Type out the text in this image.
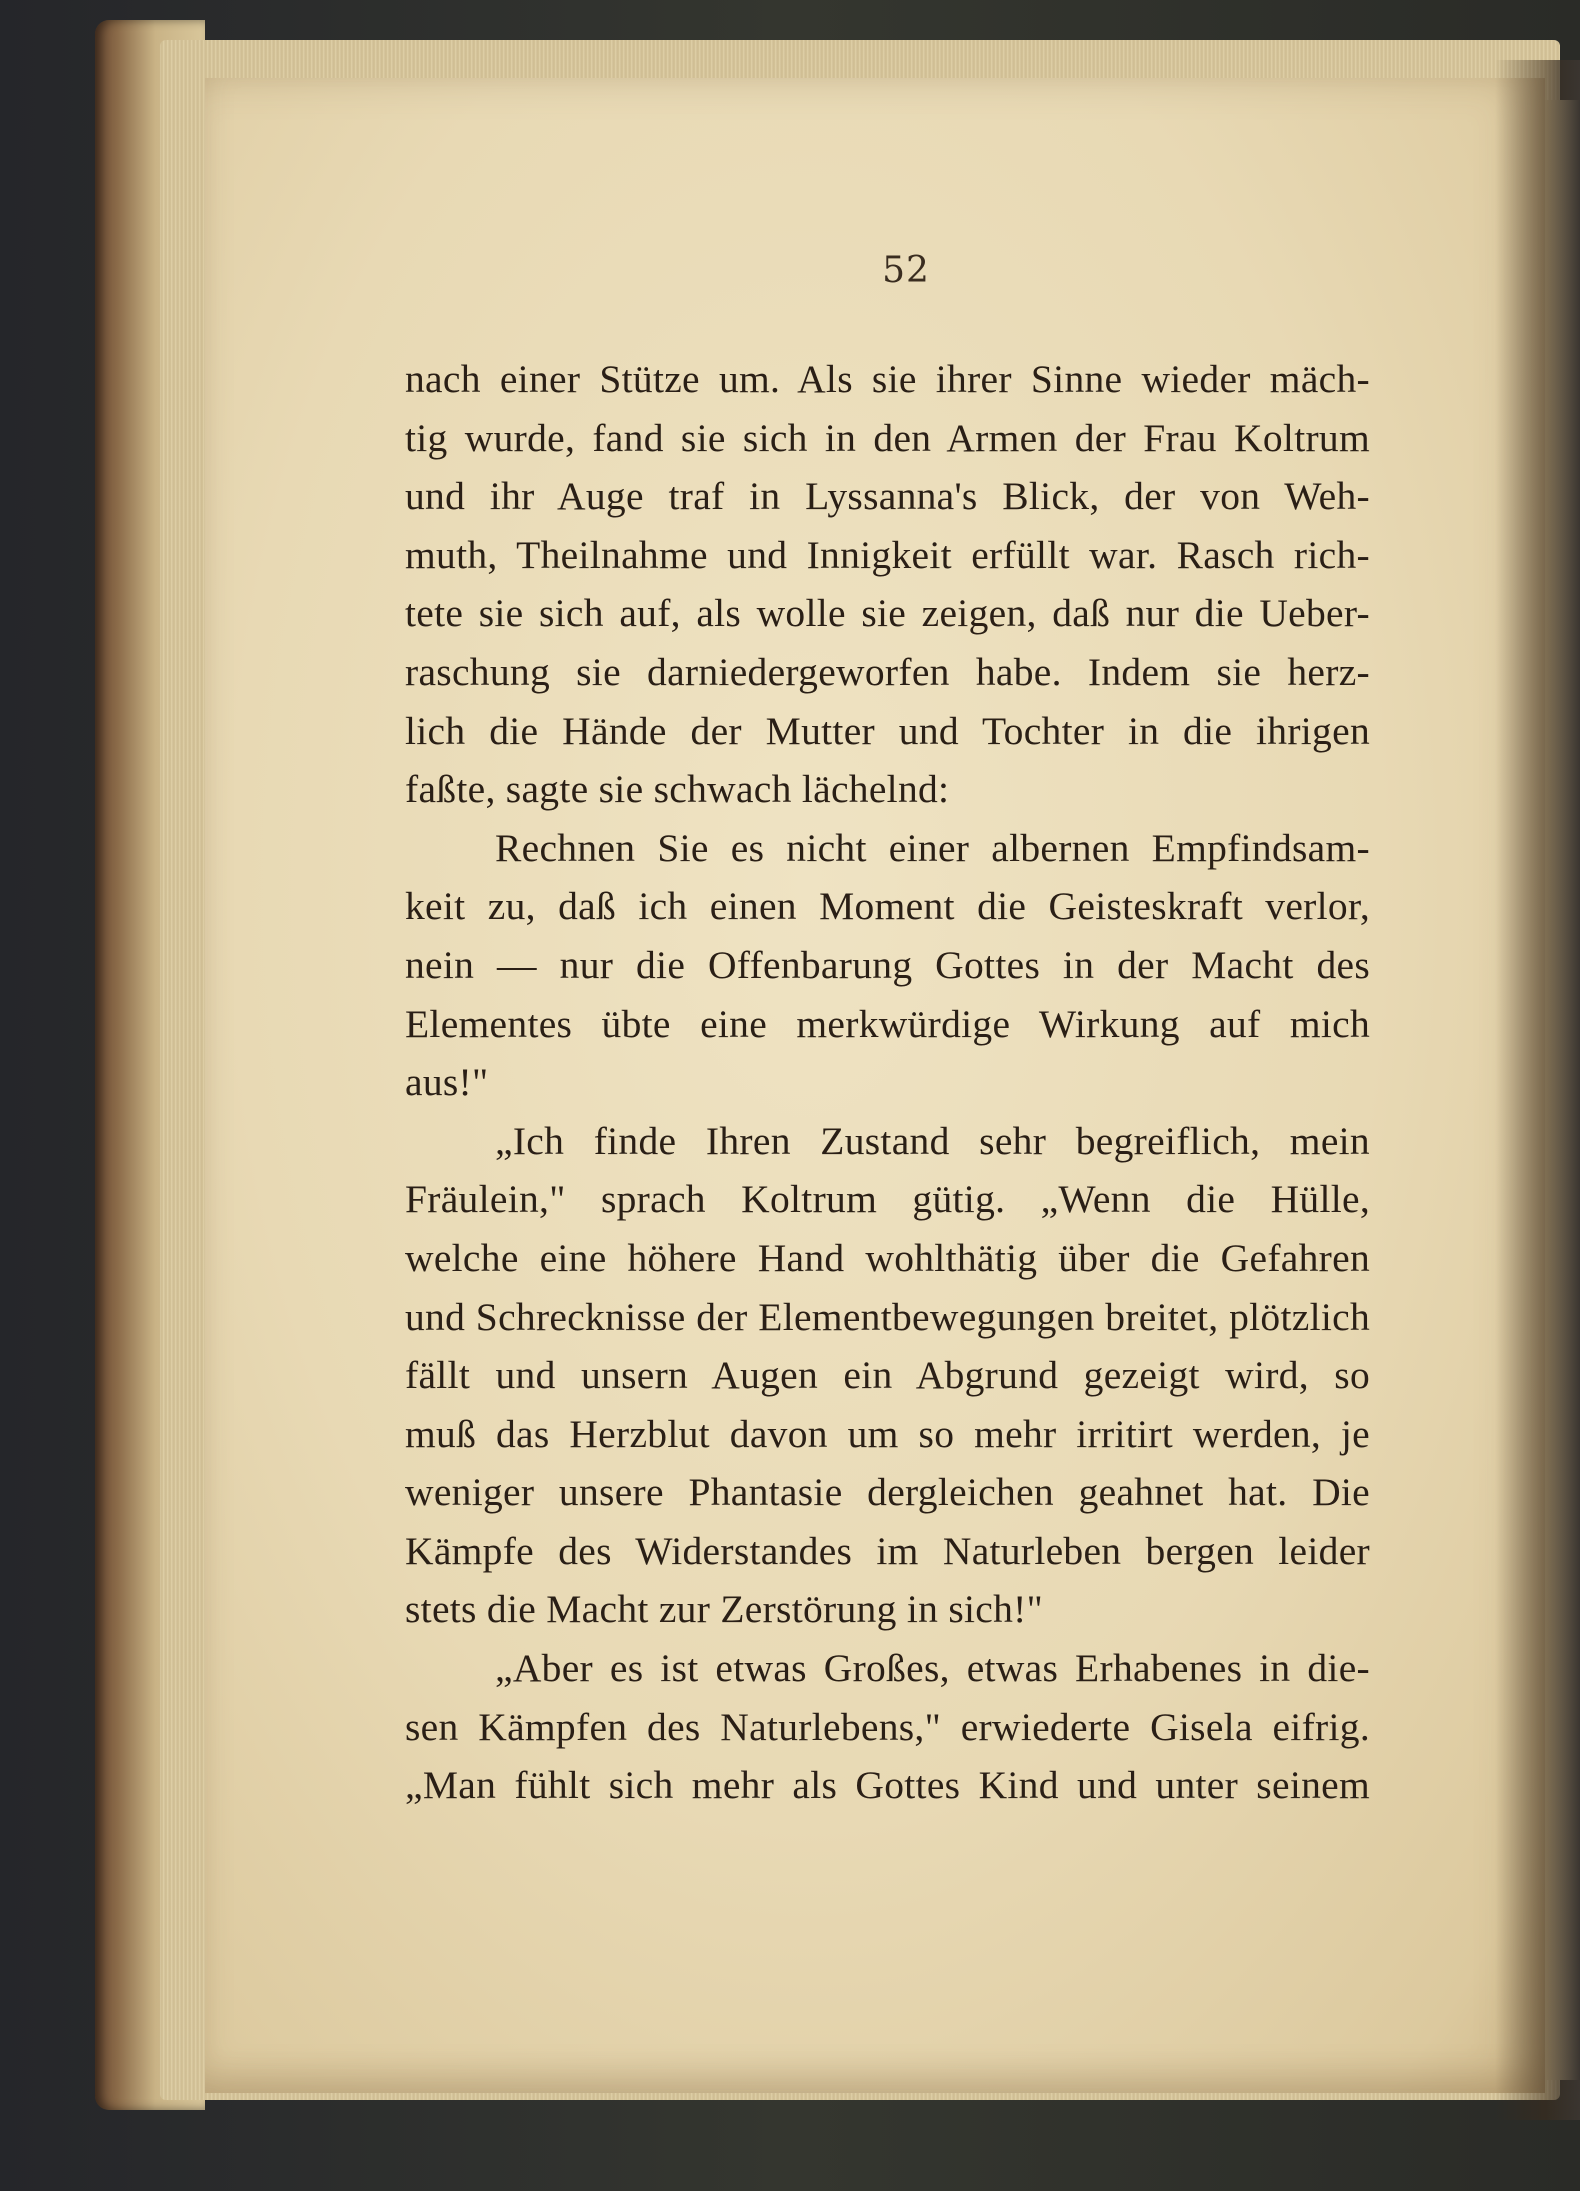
52
nach einer Stütze um. Als sie ihrer Sinne wieder mäch-
tig wurde, fand sie sich in den Armen der Frau Koltrum
und ihr Auge traf in Lyssanna's Blick, der von Weh-
muth, Theilnahme und Innigkeit erfüllt war. Rasch rich-
tete sie sich auf, als wolle sie zeigen, daß nur die Ueber-
raschung sie darniedergeworfen habe. Indem sie herz-
lich die Hände der Mutter und Tochter in die ihrigen
faßte, sagte sie schwach lächelnd:
Rechnen Sie es nicht einer albernen Empfindsam-
keit zu, daß ich einen Moment die Geisteskraft verlor,
nein — nur die Offenbarung Gottes in der Macht des
Elementes übte eine merkwürdige Wirkung auf mich
aus!"
„Ich finde Ihren Zustand sehr begreiflich, mein
Fräulein," sprach Koltrum gütig. „Wenn die Hülle,
welche eine höhere Hand wohlthätig über die Gefahren
und Schrecknisse der Elementbewegungen breitet, plötzlich
fällt und unsern Augen ein Abgrund gezeigt wird, so
muß das Herzblut davon um so mehr irritirt werden, je
weniger unsere Phantasie dergleichen geahnet hat. Die
Kämpfe des Widerstandes im Naturleben bergen leider
stets die Macht zur Zerstörung in sich!"
„Aber es ist etwas Großes, etwas Erhabenes in die-
sen Kämpfen des Naturlebens," erwiederte Gisela eifrig.
„Man fühlt sich mehr als Gottes Kind und unter seinem
